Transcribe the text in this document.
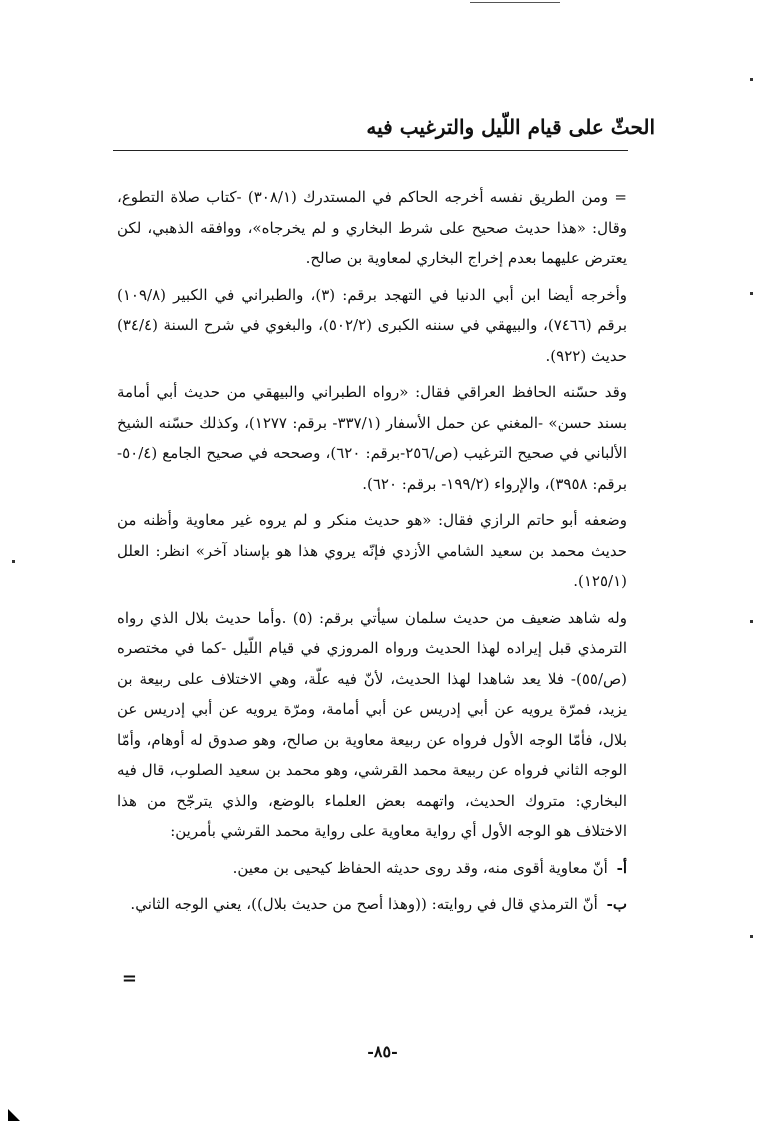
الحثّ على قيام اللّيل والترغيب فيه

= ومن الطريق نفسه أخرجه الحاكم في المستدرك (٣٠٨/١) -كتاب صلاة التطوع، وقال: «هذا حديث صحيح على شرط البخاري و لم يخرجاه»، ووافقه الذهبي، لكن يعترض عليهما بعدم إخراج البخاري لمعاوية بن صالح.

وأخرجه أيضا ابن أبي الدنيا في التهجد برقم: (٣)، والطبراني في الكبير (١٠٩/٨) برقم (٧٤٦٦)، والبيهقي في سننه الكبرى (٥٠٢/٢)، والبغوي في شرح السنة (٣٤/٤) حديث (٩٢٢).

وقد حسّنه الحافظ العراقي فقال: «رواه الطبراني والبيهقي من حديث أبي أمامة بسند حسن» -المغني عن حمل الأسفار (٣٣٧/١- برقم: ١٢٧٧)، وكذلك حسّنه الشيخ الألباني في صحيح الترغيب (ص/٢٥٦-برقم: ٦٢٠)، وصححه في صحيح الجامع (٥٠/٤-برقم: ٣٩٥٨)، والإرواء (١٩٩/٢- برقم: ٦٢٠).

وضعفه أبو حاتم الرازي فقال: «هو حديث منكر و لم يروه غير معاوية وأظنه من حديث محمد بن سعيد الشامي الأزدي فإنّه يروي هذا هو بإسناد آخر» انظر: العلل (١٢٥/١).

وله شاهد ضعيف من حديث سلمان سيأتي برقم: (٥) .وأما حديث بلال الذي رواه الترمذي قبل إيراده لهذا الحديث ورواه المروزي في قيام اللّيل -كما في مختصره (ص/٥٥)- فلا يعد شاهدا لهذا الحديث، لأنّ فيه علّة، وهي الاختلاف على ربيعة بن يزيد، فمرّة يرويه عن أبي إدريس عن أبي أمامة، ومرّة يرويه عن أبي إدريس عن بلال، فأمّا الوجه الأول فرواه عن ربيعة معاوية بن صالح، وهو صدوق له أوهام، وأمّا الوجه الثاني فرواه عن ربيعة محمد القرشي، وهو محمد بن سعيد الصلوب، قال فيه البخاري: متروك الحديث، واتهمه بعض العلماء بالوضع، والذي يترجّح من هذا الاختلاف هو الوجه الأول أي رواية معاوية على رواية محمد القرشي بأمرين:

أ- أنّ معاوية أقوى منه، وقد روى حديثه الحفاظ كيحيى بن معين.
ب- أنّ الترمذي قال في روايته: ((وهذا أصح من حديث بلال))، يعني الوجه الثاني.
=
-٨٥-
